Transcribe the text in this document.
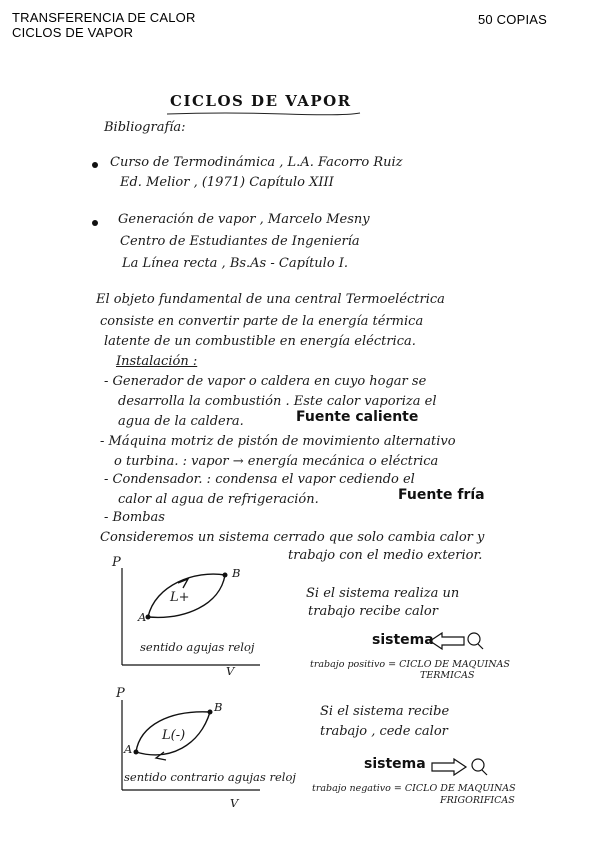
TRANSFERENCIA DE CALOR
CICLOS DE VAPOR
50 COPIAS
CICLOS DE VAPOR
Bibliografía:
Curso de Termodinámica , L.A. Facorro Ruiz
Ed. Melior , (1971) Capítulo XIII
Generación de vapor , Marcelo Mesny
Centro de Estudiantes de Ingeniería
La Línea recta , Bs.As - Capítulo I.
El objeto fundamental de una central Termoeléctrica
consiste en convertir parte de la energía térmica
latente de un combustible en energía eléctrica.
Instalación :
- Generador de vapor o caldera en cuyo hogar se
desarrolla la combustión . Este calor vaporiza el
agua de la caldera.	Fuente caliente
- Máquina motriz de pistón de movimiento alternativo
o turbina. : vapor → energía mecánica o eléctrica
- Condensador. : condensa el vapor cediendo el
calor al agua de refrigeración.	Fuente fría
- Bombas
Consideremos un sistema cerrado que solo cambia calor y
trabajo con el medio exterior.
P
V
A
B
L+
sentido agujas reloj
Si el sistema realiza un
trabajo recibe calor
sistema
trabajo positivo = CICLO DE MAQUINAS
TERMICAS
P
V
A
B
L(-)
sentido contrario agujas reloj
Si el sistema recibe
trabajo , cede calor
sistema
trabajo negativo = CICLO DE MAQUINAS
FRIGORIFICAS
